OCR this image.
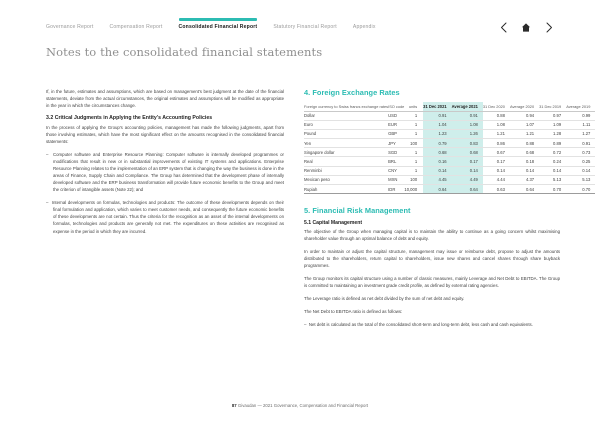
Governance Report	Compensation Report	Consolidated Financial Report	Statutory Financial Report	Appendix
Notes to the consolidated financial statements

If, in the future, estimates and assumptions, which are based on management's best judgment at the date of the financial statements, deviate from the actual circumstances, the original estimates and assumptions will be modified as appropriate in the year in which the circumstances change.

3.2 Critical Judgments in Applying the Entity's Accounting Policies

In the process of applying the Group's accounting policies, management has made the following judgments, apart from those involving estimates, which have the most significant effect on the amounts recognised in the consolidated financial statements:

–  Computer software and Enterprise Resource Planning: Computer software is internally developed programmes or modifications that result in new or in substantial improvements of existing IT systems and applications. Enterprise Resource Planning relates to the implementation of an ERP system that is changing the way the business is done in the areas of Finance, Supply Chain and Compliance. The Group has determined that the development phase of internally developed software and the ERP business transformation will provide future economic benefits to the Group and meet the criterion of intangible assets (Note 22); and
–  Internal developments on formulas, technologies and products: The outcome of these developments depends on their final formulation and application, which varies to meet customer needs, and consequently the future economic benefits of these developments are not certain. Thus the criteria for the recognition as an asset of the internal developments on formulas, technologies and products are generally not met. The expenditures on these activities are recognised as expense in the period in which they are incurred.
4. Foreign Exchange Rates
Foreign currency to Swiss francs exchange rates	ISO code	units	31 Dec 2021	Average 2021	31 Dec 2020	Average 2020	31 Dec 2019	Average 2019
Dollar	USD	1	0.91	0.91	0.88	0.94	0.97	0.99
Euro	EUR	1	1.04	1.08	1.08	1.07	1.09	1.11
Pound	GBP	1	1.23	1.26	1.21	1.21	1.28	1.27
Yen	JPY	100	0.79	0.83	0.86	0.88	0.89	0.91
Singapore dollar	SGD	1	0.68	0.68	0.67	0.68	0.72	0.73
Real	BRL	1	0.16	0.17	0.17	0.18	0.24	0.25
Renminbi	CNY	1	0.14	0.14	0.14	0.14	0.14	0.14
Mexican peso	MXN	100	4.45	4.49	4.44	4.37	5.13	5.13
Rupiah	IDR	10,000	0.64	0.64	0.63	0.64	0.70	0.70
5. Financial Risk Management
5.1 Capital Management

The objective of the Group when managing capital is to maintain the ability to continue as a going concern whilst maximising shareholder value through an optimal balance of debt and equity.

In order to maintain or adjust the capital structure, management may issue or reimburse debt, propose to adjust the amounts distributed to the shareholders, return capital to shareholders, issue new shares and cancel shares through share buyback programmes.

The Group monitors its capital structure using a number of classic measures, mainly Leverage and Net Debt to EBITDA. The Group is committed to maintaining an investment grade credit profile, as defined by external rating agencies.

The Leverage ratio is defined as net debt divided by the sum of net debt and equity.

The Net Debt to EBITDA ratio is defined as follows:

–  Net debt is calculated as the total of the consolidated short-term and long-term debt, less cash and cash equivalents.
87 Givaudan — 2021 Governance, Compensation and Financial Report
